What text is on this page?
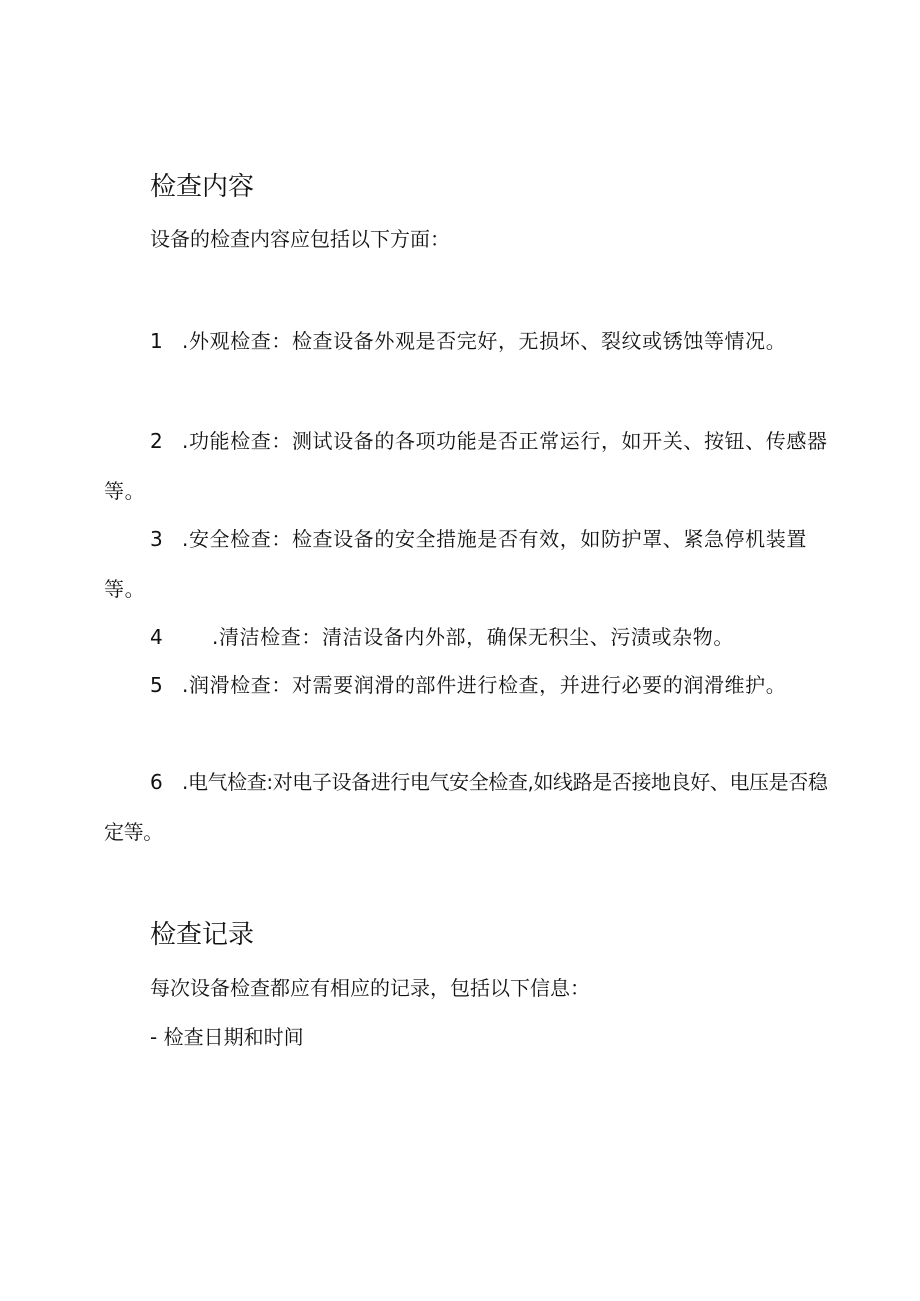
检查内容

设备的检查内容应包括以下方面：

1 .外观检查：检查设备外观是否完好，无损坏、裂纹或锈蚀等情况。

2 .功能检查：测试设备的各项功能是否正常运行，如开关、按钮、传感器等。

3 .安全检查：检查设备的安全措施是否有效，如防护罩、紧急停机装置等。

4 .清洁检查：清洁设备内外部，确保无积尘、污渍或杂物。

5 .润滑检查：对需要润滑的部件进行检查，并进行必要的润滑维护。

6 .电气检查:对电子设备进行电气安全检查,如线路是否接地良好、电压是否稳定等。

检查记录

每次设备检查都应有相应的记录，包括以下信息：

- 检查日期和时间
